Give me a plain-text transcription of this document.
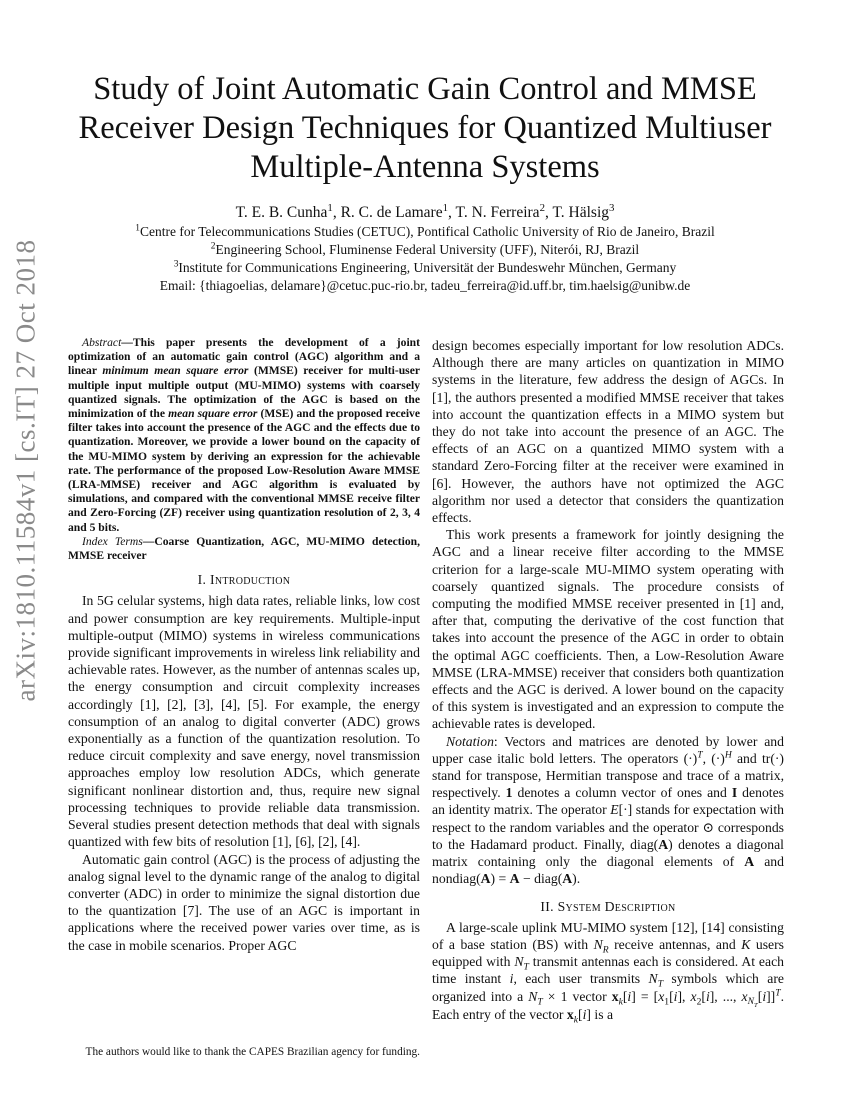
arXiv:1810.11584v1 [cs.IT] 27 Oct 2018
Study of Joint Automatic Gain Control and MMSE Receiver Design Techniques for Quantized Multiuser Multiple-Antenna Systems
T. E. B. Cunha$^1$, R. C. de Lamare$^1$, T. N. Ferreira$^2$, T. Hälsig$^3$
$^1$Centre for Telecommunications Studies (CETUC), Pontifical Catholic University of Rio de Janeiro, Brazil
$^2$Engineering School, Fluminense Federal University (UFF), Niterói, RJ, Brazil
$^3$Institute for Communications Engineering, Universität der Bundeswehr München, Germany
Email: {thiagoelias, delamare}@cetuc.puc-rio.br, tadeu_ferreira@id.uff.br, tim.haelsig@unibw.de

Abstract—This paper presents the development of a joint optimization of an automatic gain control (AGC) algorithm and a linear minimum mean square error (MMSE) receiver for multi-user multiple input multiple output (MU-MIMO) systems with coarsely quantized signals. The optimization of the AGC is based on the minimization of the mean square error (MSE) and the proposed receive filter takes into account the presence of the AGC and the effects due to quantization. Moreover, we provide a lower bound on the capacity of the MU-MIMO system by deriving an expression for the achievable rate. The performance of the proposed Low-Resolution Aware MMSE (LRA-MMSE) receiver and AGC algorithm is evaluated by simulations, and compared with the conventional MMSE receive filter and Zero-Forcing (ZF) receiver using quantization resolution of 2, 3, 4 and 5 bits.

Index Terms—Coarse Quantization, AGC, MU-MIMO detection, MMSE receiver

I. Introduction

In 5G celular systems, high data rates, reliable links, low cost and power consumption are key requirements. Multiple-input multiple-output (MIMO) systems in wireless communications provide significant improvements in wireless link reliability and achievable rates. However, as the number of antennas scales up, the energy consumption and circuit complexity increases accordingly [1], [2], [3], [4], [5]. For example, the energy consumption of an analog to digital converter (ADC) grows exponentially as a function of the quantization resolution. To reduce circuit complexity and save energy, novel transmission approaches employ low resolution ADCs, which generate significant nonlinear distortion and, thus, require new signal processing techniques to provide reliable data transmission. Several studies present detection methods that deal with signals quantized with few bits of resolution [1], [6], [2], [4].

Automatic gain control (AGC) is the process of adjusting the analog signal level to the dynamic range of the analog to digital converter (ADC) in order to minimize the signal distortion due to the quantization [7]. The use of an AGC is important in applications where the received power varies over time, as is the case in mobile scenarios. Proper AGC

The authors would like to thank the CAPES Brazilian agency for funding.

design becomes especially important for low resolution ADCs. Although there are many articles on quantization in MIMO systems in the literature, few address the design of AGCs. In [1], the authors presented a modified MMSE receiver that takes into account the quantization effects in a MIMO system but they do not take into account the presence of an AGC. The effects of an AGC on a quantized MIMO system with a standard Zero-Forcing filter at the receiver were examined in [6]. However, the authors have not optimized the AGC algorithm nor used a detector that considers the quantization effects.

This work presents a framework for jointly designing the AGC and a linear receive filter according to the MMSE criterion for a large-scale MU-MIMO system operating with coarsely quantized signals. The procedure consists of computing the modified MMSE receiver presented in [1] and, after that, computing the derivative of the cost function that takes into account the presence of the AGC in order to obtain the optimal AGC coefficients. Then, a Low-Resolution Aware MMSE (LRA-MMSE) receiver that considers both quantization effects and the AGC is derived. A lower bound on the capacity of this system is investigated and an expression to compute the achievable rates is developed.

Notation: Vectors and matrices are denoted by lower and upper case italic bold letters. The operators $(\cdot)^T$, $(\cdot)^H$ and tr(·) stand for transpose, Hermitian transpose and trace of a matrix, respectively. 1 denotes a column vector of ones and I denotes an identity matrix. The operator E[·] stands for expectation with respect to the random variables and the operator ⊙ corresponds to the Hadamard product. Finally, diag(A) denotes a diagonal matrix containing only the diagonal elements of A and nondiag(A) = A − diag(A).

II. System Description

A large-scale uplink MU-MIMO system [12], [14] consisting of a base station (BS) with $N_R$ receive antennas, and K users equipped with $N_T$ transmit antennas each is considered. At each time instant i, each user transmits $N_T$ symbols which are organized into a $N_T \times 1$ vector $x_k[i] = [x_1[i]$, $x_2[i]$, ..., $x_{N_T}[i]]^T$. Each entry of the vector $x_k[i]$ is a
